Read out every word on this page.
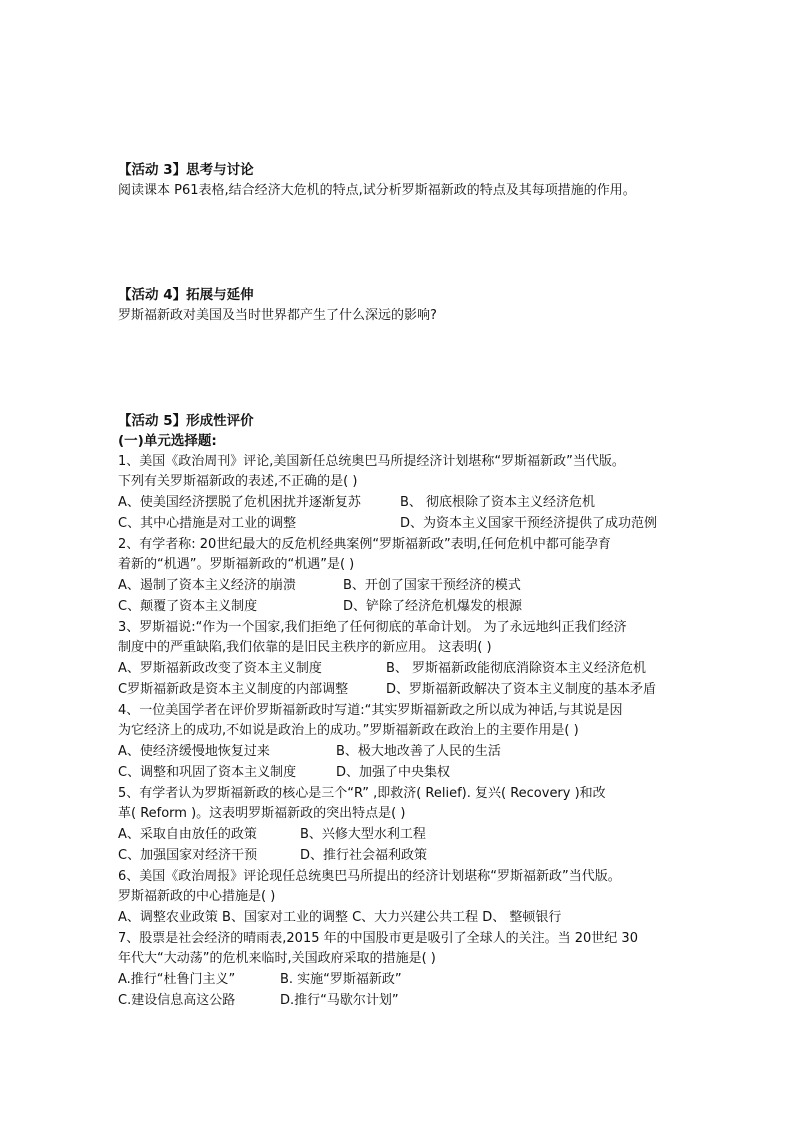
【活动 3】思考与讨论
阅读课本 P61表格,结合经济大危机的特点,试分析罗斯福新政的特点及其每项措施的作用。
【活动 4】拓展与延伸
罗斯福新政对美国及当时世界都产生了什么深远的影响?
【活动 5】形成性评价
(一)单元选择题:
1、美国《政治周刊》评论,美国新任总统奥巴马所提经济计划堪称“罗斯福新政”当代版。
下列有关罗斯福新政的表述,不正确的是( )
A、使美国经济摆脱了危机困扰并逐渐复苏	B、 彻底根除了资本主义经济危机
C、其中心措施是对工业的调整	D、为资本主义国家干预经济提供了成功范例
2、有学者称: 20世纪最大的反危机经典案例“罗斯福新政”表明,任何危机中都可能孕育
着新的“机遇”。罗斯福新政的“机遇”是( )
A、遏制了资本主义经济的崩溃	B、开创了国家干预经济的模式
C、颠覆了资本主义制度	D、铲除了经济危机爆发的根源
3、罗斯福说:“作为一个国家,我们拒绝了任何彻底的革命计划。 为了永远地纠正我们经济
制度中的严重缺陷,我们依靠的是旧民主秩序的新应用。 这表明( )
A、罗斯福新政改变了资本主义制度	B、 罗斯福新政能彻底消除资本主义经济危机
C罗斯福新政是资本主义制度的内部调整	D、罗斯福新政解决了资本主义制度的基本矛盾
4、一位美国学者在评价罗斯福新政时写道:“其实罗斯福新政之所以成为神话,与其说是因
为它经济上的成功,不如说是政治上的成功。”罗斯福新政在政治上的主要作用是( )
A、使经济缓慢地恢复过来	B、极大地改善了人民的生活
C、调整和巩固了资本主义制度	D、加强了中央集权
5、有学者认为罗斯福新政的核心是三个“R” ,即救济( Relief). 复兴( Recovery )和改
革( Reform )。这表明罗斯福新政的突出特点是( )
A、采取自由放任的政策	B、兴修大型水利工程
C、加强国家对经济干预	D、推行社会福利政策
6、美国《政治周报》评论现任总统奥巴马所提出的经济计划堪称“罗斯福新政”当代版。
罗斯福新政的中心措施是( )
A、调整农业政策 B、国家对工业的调整 C、大力兴建公共工程 D、 整顿银行
7、股票是社会经济的晴雨表,2015 年的中国股市更是吸引了全球人的关注。当 20世纪 30
年代大“大动荡”的危机来临时,关国政府采取的措施是( )
A.推行“杜鲁门主义”	B. 实施“罗斯福新政”
C.建设信息高这公路	D.推行“马歇尔计划”
